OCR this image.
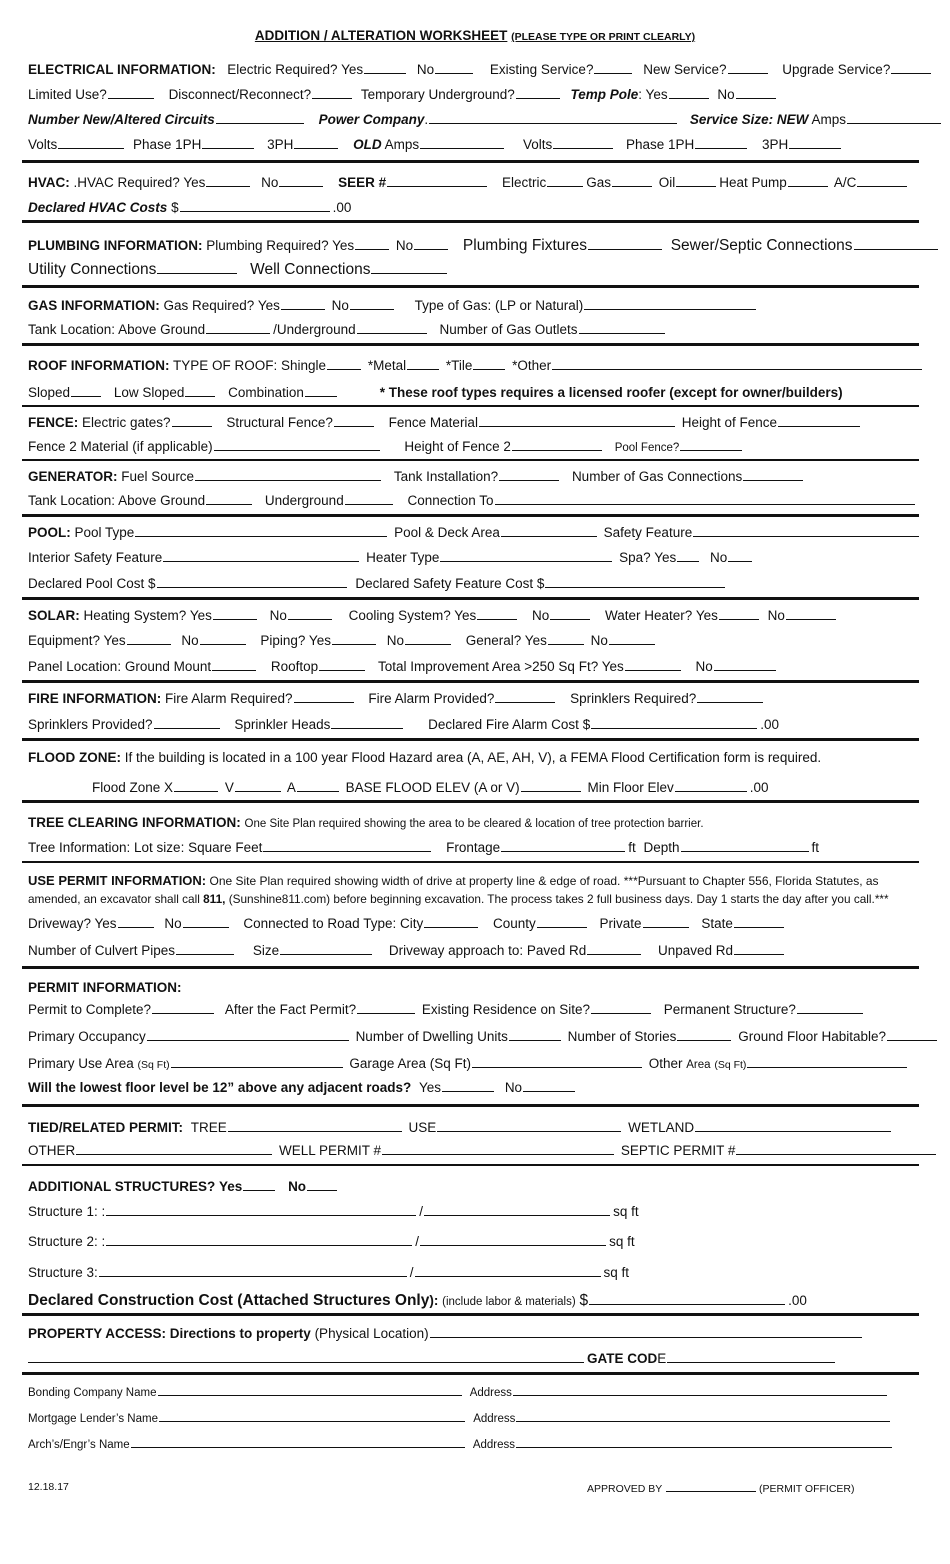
ADDITION / ALTERATION WORKSHEET (PLEASE TYPE OR PRINT CLEARLY)
ELECTRICAL INFORMATION: Electric Required? Yes	No	Existing Service?	New Service?	Upgrade Service?
Limited Use?	Disconnect/Reconnect?	Temporary Underground?	Temp Pole: Yes	No
Number New/Altered Circuits	Power Company.	Service Size: NEW Amps
Volts	Phase 1PH	3PH	OLD Amps	Volts	Phase 1PH	3PH
HVAC: .HVAC Required? Yes	No	SEER #	Electric	Gas	Oil	Heat Pump	A/C
Declared HVAC Costs $	.00
PLUMBING INFORMATION: Plumbing Required? Yes	No	Plumbing Fixtures	Sewer/Septic Connections
Utility Connections	Well Connections
GAS INFORMATION: Gas Required? Yes	No	Type of Gas: (LP or Natural)
Tank Location: Above Ground	/Underground	Number of Gas Outlets
ROOF INFORMATION: TYPE OF ROOF: Shingle	*Metal	*Tile	*Other
Sloped	Low Sloped	Combination	* These roof types requires a licensed roofer (except for owner/builders)
FENCE: Electric gates?	Structural Fence?	Fence Material	Height of Fence
Fence 2 Material (if applicable)	Height of Fence 2	Pool Fence?
GENERATOR: Fuel Source	Tank Installation?	Number of Gas Connections
Tank Location: Above Ground	Underground	Connection To
POOL: Pool Type	Pool & Deck Area	Safety Feature
Interior Safety Feature	Heater Type	Spa? Yes	No
Declared Pool Cost $	Declared Safety Feature Cost $
SOLAR: Heating System? Yes	No	Cooling System? Yes	No	Water Heater? Yes	No
Equipment? Yes	No	Piping? Yes	No	General? Yes	No
Panel Location: Ground Mount	Rooftop	Total Improvement Area >250 Sq Ft? Yes	No
FIRE INFORMATION: Fire Alarm Required?	Fire Alarm Provided?	Sprinklers Required?
Sprinklers Provided?	Sprinkler Heads	Declared Fire Alarm Cost $	.00
FLOOD ZONE: If the building is located in a 100 year Flood Hazard area (A, AE, AH, V), a FEMA Flood Certification form is required.
Flood Zone X	V	A	BASE FLOOD ELEV (A or V)	Min Floor Elev	.00
TREE CLEARING INFORMATION: One Site Plan required showing the area to be cleared & location of tree protection barrier.
Tree Information: Lot size: Square Feet	Frontage	ft Depth	ft
USE PERMIT INFORMATION: One Site Plan required showing width of drive at property line & edge of road. ***Pursuant to Chapter 556, Florida Statutes, as
amended, an excavator shall call 811, (Sunshine811.com) before beginning excavation. The process takes 2 full business days. Day 1 starts the day after you call.***
Driveway? Yes	No	Connected to Road Type: City	County	Private	State
Number of Culvert Pipes	Size	Driveway approach to: Paved Rd	Unpaved Rd
PERMIT INFORMATION:
Permit to Complete?	After the Fact Permit?	Existing Residence on Site?	Permanent Structure?
Primary Occupancy	Number of Dwelling Units	Number of Stories	Ground Floor Habitable?
Primary Use Area (Sq Ft)	Garage Area (Sq Ft)	Other Area (Sq Ft)
Will the lowest floor level be 12” above any adjacent roads? Yes	No
TIED/RELATED PERMIT: TREE	USE	WETLAND
OTHER	WELL PERMIT #	SEPTIC PERMIT #
ADDITIONAL STRUCTURES? Yes	No
Structure 1: :	/	sq ft
Structure 2: :	/	sq ft
Structure 3:	/	sq ft
Declared Construction Cost (Attached Structures Only): (include labor & materials) $	.00
PROPERTY ACCESS: Directions to property (Physical Location)
GATE CODE
Bonding Company Name	Address
Mortgage Lender’s Name	Address
Arch’s/Engr’s Name	Address
12.18.17	APPROVED BY	(PERMIT OFFICER)
